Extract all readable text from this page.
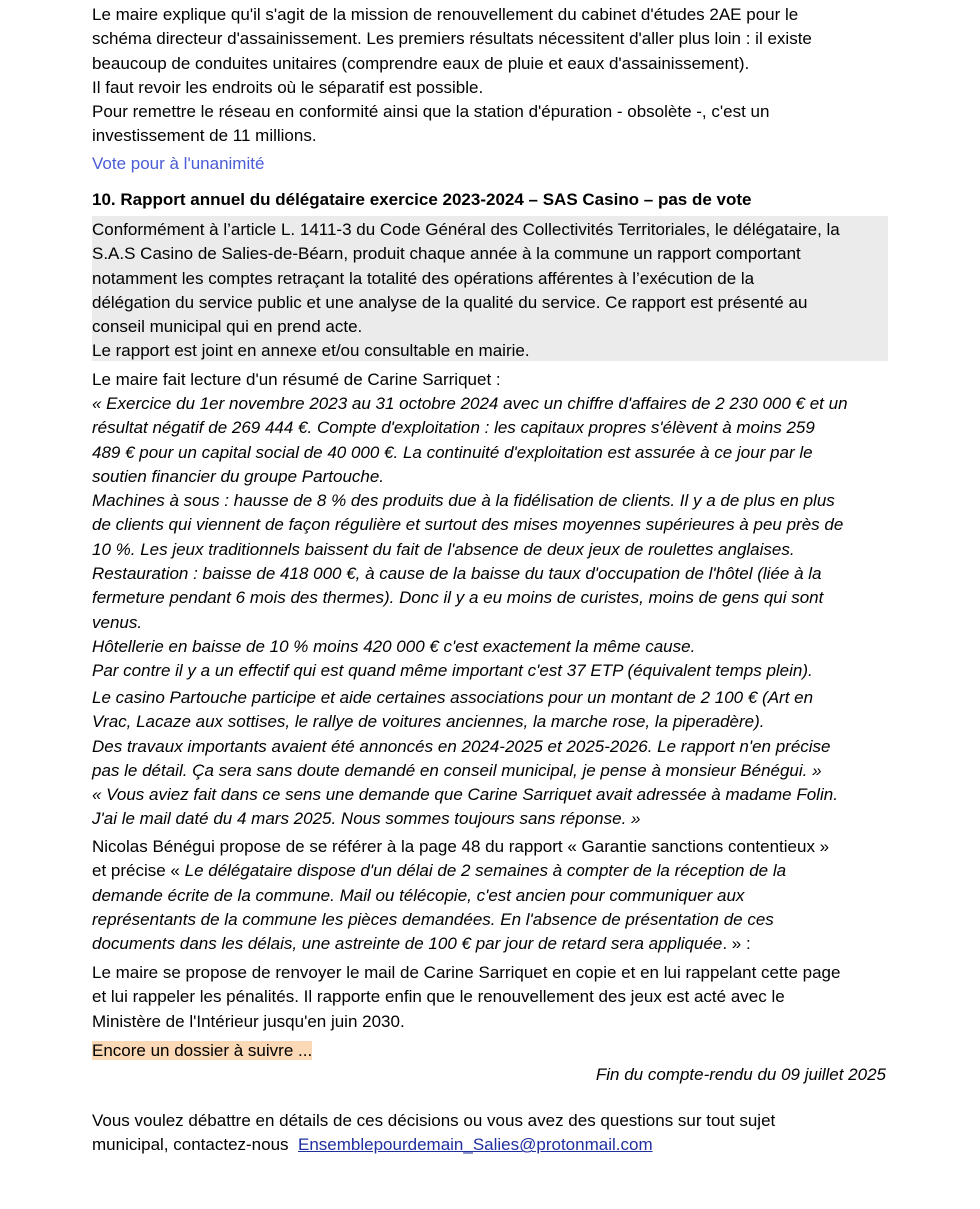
Le maire explique qu'il s'agit de la mission de renouvellement du cabinet d'études 2AE pour le
schéma directeur d'assainissement. Les premiers résultats nécessitent d'aller plus loin : il existe
beaucoup de conduites unitaires (comprendre eaux de pluie et eaux d'assainissement).
Il faut revoir les endroits où le séparatif est possible.
Pour remettre le réseau en conformité ainsi que la station d'épuration - obsolète -, c'est un
investissement de 11 millions.
Vote pour à l'unanimité
10. Rapport annuel du délégataire exercice 2023-2024 – SAS Casino – pas de vote
Conformément à l’article L. 1411-3 du Code Général des Collectivités Territoriales, le délégataire, la
S.A.S Casino de Salies-de-Béarn, produit chaque année à la commune un rapport comportant
notamment les comptes retraçant la totalité des opérations afférentes à l’exécution de la
délégation du service public et une analyse de la qualité du service. Ce rapport est présenté au
conseil municipal qui en prend acte.
Le rapport est joint en annexe et/ou consultable en mairie.
Le maire fait lecture d'un résumé de Carine Sarriquet :
« Exercice du 1er novembre 2023 au 31 octobre 2024 avec un chiffre d'affaires de 2 230 000 € et un
résultat négatif de 269 444 €. Compte d'exploitation : les capitaux propres s'élèvent à moins 259
489 € pour un capital social de 40 000 €. La continuité d'exploitation est assurée à ce jour par le
soutien financier du groupe Partouche.
Machines à sous : hausse de 8 % des produits due à la fidélisation de clients. Il y a de plus en plus
de clients qui viennent de façon régulière et surtout des mises moyennes supérieures à peu près de
10 %. Les jeux traditionnels baissent du fait de l'absence de deux jeux de roulettes anglaises.
Restauration : baisse de 418 000 €, à cause de la baisse du taux d'occupation de l'hôtel (liée à la
fermeture pendant 6 mois des thermes). Donc il y a eu moins de curistes, moins de gens qui sont
venus.
Hôtellerie en baisse de 10 % moins 420 000 € c'est exactement la même cause.
Par contre il y a un effectif qui est quand même important c'est 37 ETP (équivalent temps plein).
Le casino Partouche participe et aide certaines associations pour un montant de 2 100 € (Art en
Vrac, Lacaze aux sottises, le rallye de voitures anciennes, la marche rose, la piperadère).
Des travaux importants avaient été annoncés en 2024-2025 et 2025-2026. Le rapport n'en précise
pas le détail. Ça sera sans doute demandé en conseil municipal, je pense à monsieur Bénégui. »
« Vous aviez fait dans ce sens une demande que Carine Sarriquet avait adressée à madame Folin.
J'ai le mail daté du 4 mars 2025. Nous sommes toujours sans réponse. »
Nicolas Bénégui propose de se référer à la page 48 du rapport « Garantie sanctions contentieux »
et précise « Le délégataire dispose d'un délai de 2 semaines à compter de la réception de la
demande écrite de la commune. Mail ou télécopie, c'est ancien pour communiquer aux
représentants de la commune les pièces demandées. En l'absence de présentation de ces
documents dans les délais, une astreinte de 100 € par jour de retard sera appliquée. » :
Le maire se propose de renvoyer le mail de Carine Sarriquet en copie et en lui rappelant cette page
et lui rappeler les pénalités. Il rapporte enfin que le renouvellement des jeux est acté avec le
Ministère de l'Intérieur jusqu'en juin 2030.
Encore un dossier à suivre ...
Fin du compte-rendu du 09 juillet 2025
Vous voulez débattre en détails de ces décisions ou vous avez des questions sur tout sujet
municipal, contactez-nous  Ensemblepourdemain_Salies@protonmail.com
